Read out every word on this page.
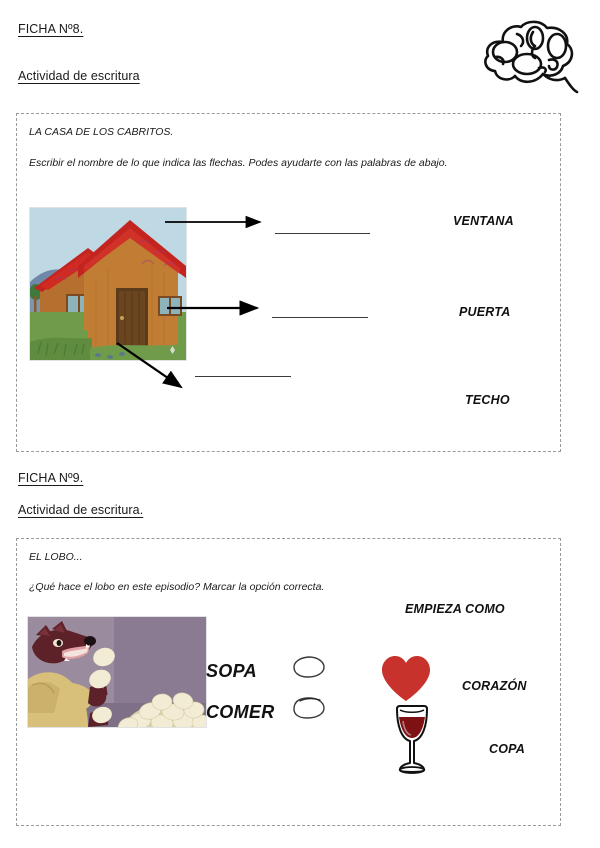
FICHA Nº8.
Actividad de escritura
LA CASA DE LOS CABRITOS.
Escribir el nombre de lo que indica las flechas. Podes ayudarte con las palabras de abajo.
VENTANA
PUERTA
TECHO
FICHA Nº9.
Actividad de escritura.
EL LOBO...
¿Qué hace el lobo en este episodio? Marcar la opción correcta.
SOPA
COMER
EMPIEZA COMO
CORAZÓN
COPA
